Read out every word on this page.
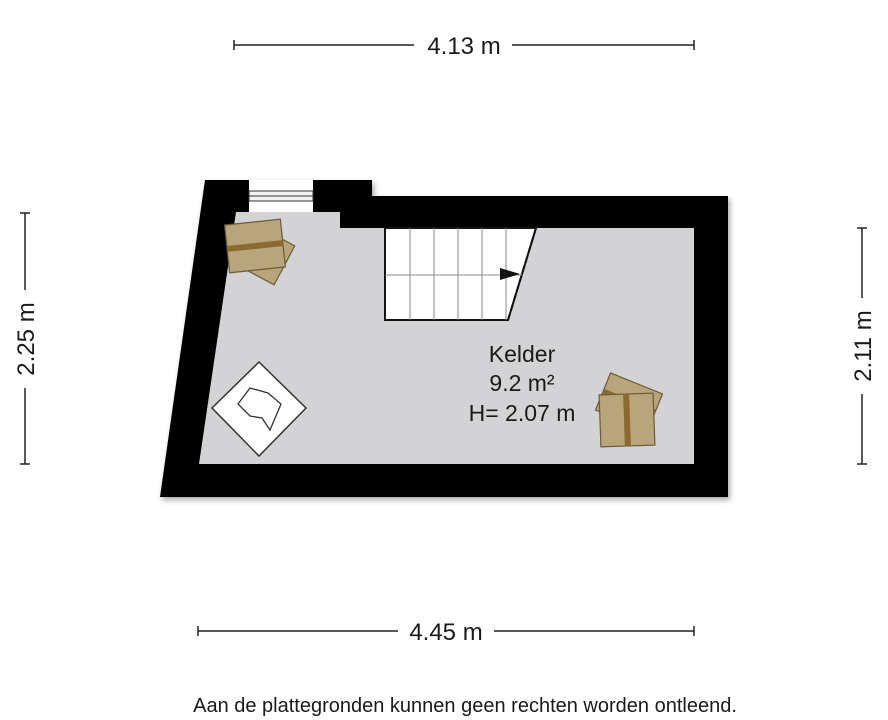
4.13 m
4.45 m
2.25 m	2.11 m
Kelder
9.2 m²
H= 2.07 m
Aan de plattegronden kunnen geen rechten worden ontleend.
